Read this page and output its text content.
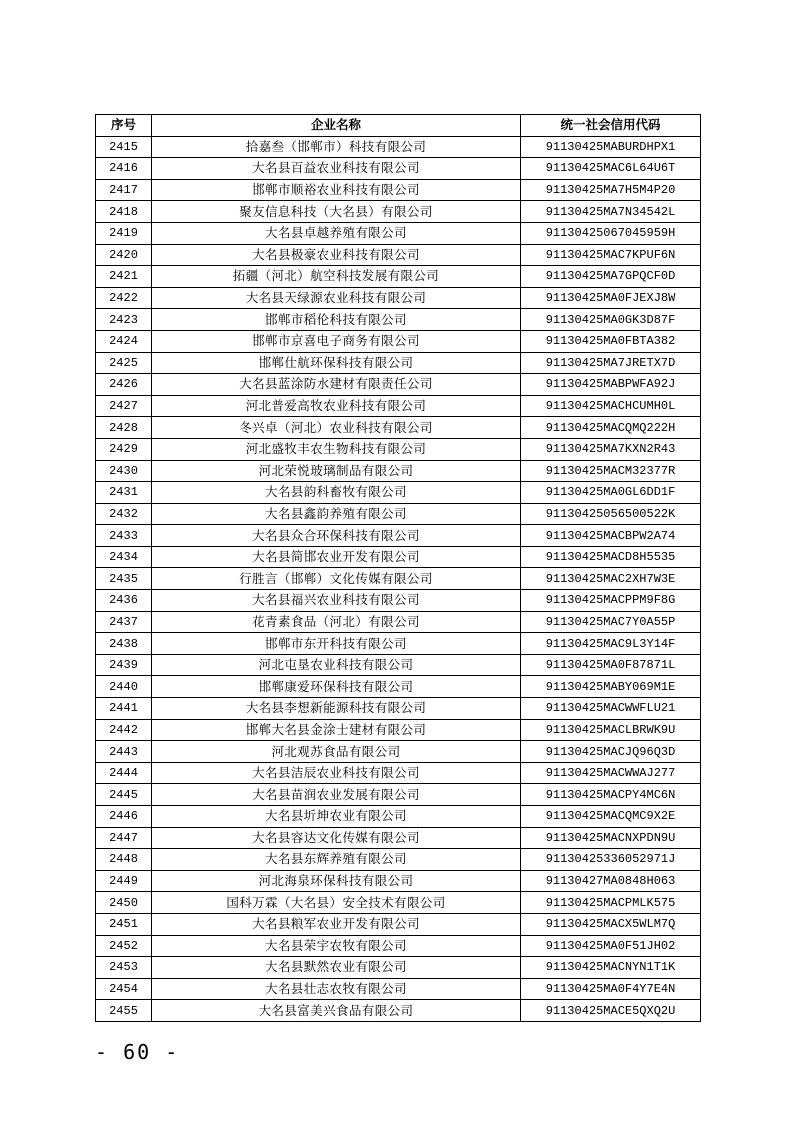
序号	企业名称	统一社会信用代码
2415	拾嘉叁（邯郸市）科技有限公司	91130425MABURDHPX1
2416	大名县百益农业科技有限公司	91130425MAC6L64U6T
2417	邯郸市顺裕农业科技有限公司	91130425MA7H5M4P20
2418	聚友信息科技（大名县）有限公司	91130425MA7N34542L
2419	大名县卓越养殖有限公司	9113042506704595​9H
2420	大名县极豪农业科技有限公司	91130425MAC7KPUF6N
2421	拓疆（河北）航空科技发展有限公司	91130425MA7GPQCF0D
2422	大名县天绿源农业科技有限公司	91130425MA0FJEXJ8W
2423	邯郸市稻伦科技有限公司	91130425MA0GK3D87F
2424	邯郸市京喜电子商务有限公司	91130425MA0FBTA382
2425	邯郸仕航环保科技有限公司	91130425MA7JRETX7D
2426	大名县蓝涂防水建材有限责任公司	91130425MABPWFA92J
2427	河北普爱高牧农业科技有限公司	91130425MACHCUMH0L
2428	冬兴卓（河北）农业科技有限公司	91130425MACQMQ222H
2429	河北盛牧丰农生物科技有限公司	91130425MA7KXN2R43
2430	河北荣悦玻璃制品有限公司	91130425MACM32377R
2431	大名县韵科畜牧有限公司	91130425MA0GL6DD1F
2432	大名县鑫韵养殖有限公司	91130425056500522K
2433	大名县众合环保科技有限公司	91130425MACBPW2A74
2434	大名县简邯农业开发有限公司	91130425MACD8H5535
2435	行胜言（邯郸）文化传媒有限公司	91130425MAC2XH7W3E
2436	大名县福兴农业科技有限公司	91130425MACPPM9F8G
2437	花青素食品（河北）有限公司	91130425MAC7Y0A55P
2438	邯郸市东开科技有限公司	91130425MAC9L3Y14F
2439	河北屯垦农业科技有限公司	91130425MA0F87871L
2440	邯郸康爱环保科技有限公司	91130425MABY069M1E
2441	大名县李想新能源科技有限公司	91130425MACWWFLU21
2442	邯郸大名县金涂士建材有限公司	91130425MACLBRWK9U
2443	河北观苏食品有限公司	91130425MACJQ96Q3D
2444	大名县洁辰农业科技有限公司	91130425MACWWAJ277
2445	大名县苗润农业发展有限公司	91130425MACPY4MC6N
2446	大名县圻坤农业有限公司	91130425MACQMC9X2E
2447	大名县容达文化传媒有限公司	91130425MACNXPDN9U
2448	大名县东辉养殖有限公司	9113042533605297​1J
2449	河北海泉环保科技有限公司	91130427MA0848H063
2450	国科万霖（大名县）安全技术有限公司	91130425MACPMLK575
2451	大名县粮军农业开发有限公司	91130425MACX5WLM7Q
2452	大名县荣宇农牧有限公司	91130425MA0F51JH02
2453	大名县默然农业有限公司	91130425MACNYN1T1K
2454	大名县壮志农牧有限公司	91130425MA0F4Y7E4N
2455	大名县富美兴食品有限公司	91130425MACE5QXQ2U
- 60 -
